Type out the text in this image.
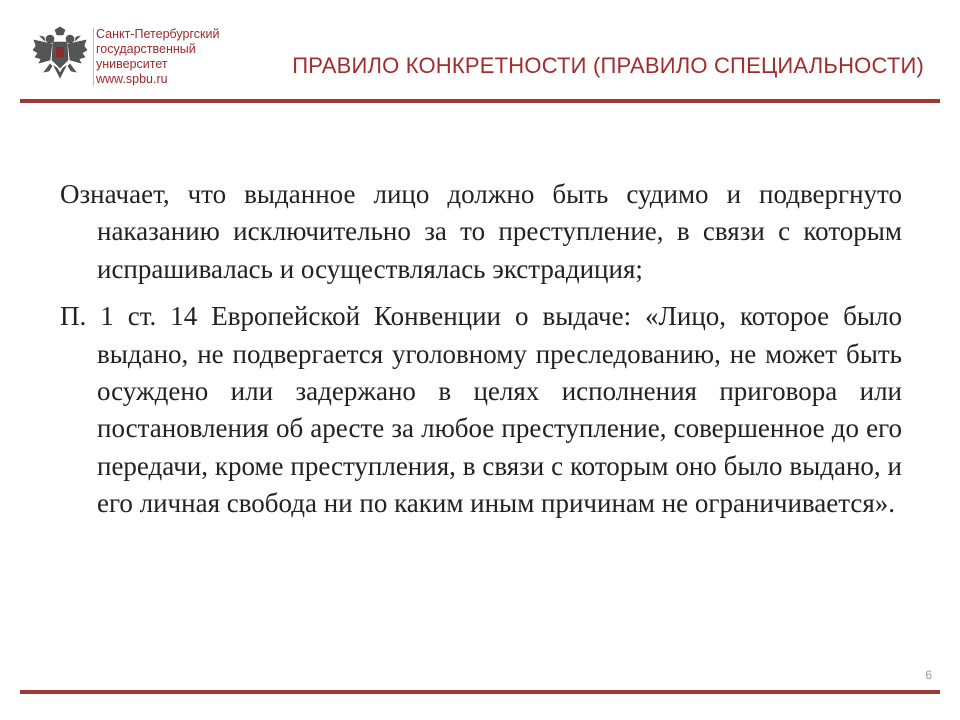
Санкт-Петербургский
государственный
университет
www.spbu.ru
ПРАВИЛО КОНКРЕТНОСТИ (ПРАВИЛО СПЕЦИАЛЬНОСТИ)

Означает, что выданное лицо должно быть судимо и подвергнуто наказанию исключительно за то преступление, в связи с которым испрашивалась и осуществлялась экстрадиция;

П. 1 ст. 14 Европейской Конвенции о выдаче: «Лицо, которое было выдано, не подвергается уголовному преследованию, не может быть осуждено или задержано в целях исполнения приговора или постановления об аресте за любое преступление, совершенное до его передачи, кроме преступления, в связи с которым оно было выдано, и его личная свобода ни по каким иным причинам не ограничивается».

6
